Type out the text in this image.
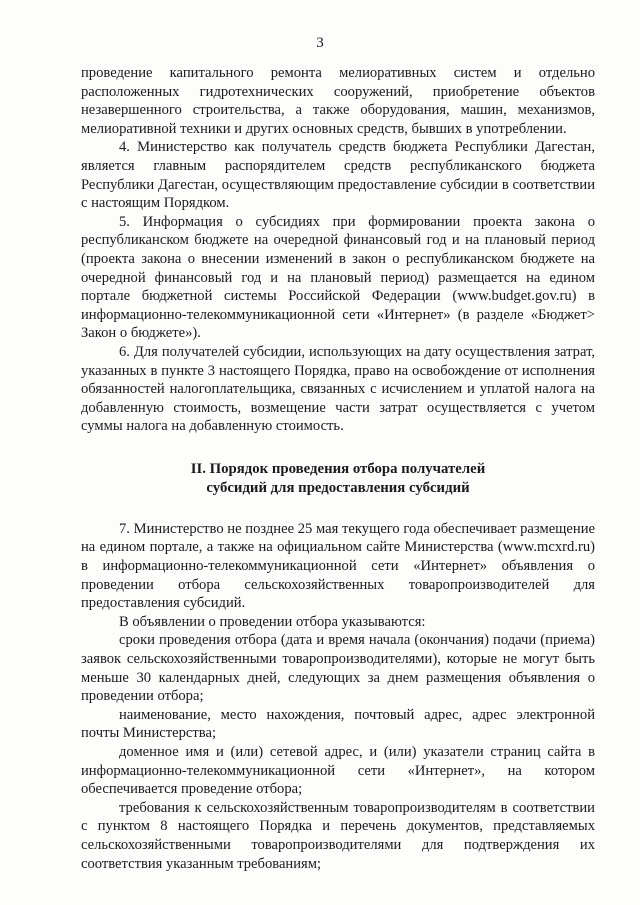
3

проведение капитального ремонта мелиоративных систем и отдельно расположенных гидротехнических сооружений, приобретение объектов незавершенного строительства, а также оборудования, машин, механизмов, мелиоративной техники и других основных средств, бывших в употреблении.

4. Министерство как получатель средств бюджета Республики Дагестан, является главным распорядителем средств республиканского бюджета Республики Дагестан, осуществляющим предоставление субсидии в соответствии с настоящим Порядком.

5. Информация о субсидиях при формировании проекта закона о республиканском бюджете на очередной финансовый год и на плановый период (проекта закона о внесении изменений в закон о республиканском бюджете на очередной финансовый год и на плановый период) размещается на едином портале бюджетной системы Российской Федерации (www.budget.gov.ru) в информационно-телекоммуникационной сети «Интернет» (в разделе «Бюджет> Закон о бюджете»).

6. Для получателей субсидии, использующих на дату осуществления затрат, указанных в пункте 3 настоящего Порядка, право на освобождение от исполнения обязанностей налогоплательщика, связанных с исчислением и уплатой налога на добавленную стоимость, возмещение части затрат осуществляется с учетом суммы налога на добавленную стоимость.

II. Порядок проведения отбора получателей
субсидий для предоставления субсидий

7. Министерство не позднее 25 мая текущего года обеспечивает размещение на едином портале, а также на официальном сайте Министерства (www.mcxrd.ru) в информационно-телекоммуникационной сети «Интернет» объявления о проведении отбора сельскохозяйственных товаропроизводителей для предоставления субсидий.

В объявлении о проведении отбора указываются:

сроки проведения отбора (дата и время начала (окончания) подачи (приема) заявок сельскохозяйственными товаропроизводителями), которые не могут быть меньше 30 календарных дней, следующих за днем размещения объявления о проведении отбора;

наименование, место нахождения, почтовый адрес, адрес электронной почты Министерства;

доменное имя и (или) сетевой адрес, и (или) указатели страниц сайта в информационно-телекоммуникационной сети «Интернет», на котором обеспечивается проведение отбора;

требования к сельскохозяйственным товаропроизводителям в соответствии с пунктом 8 настоящего Порядка и перечень документов, представляемых сельскохозяйственными товаропроизводителями для подтверждения их соответствия указанным требованиям;
